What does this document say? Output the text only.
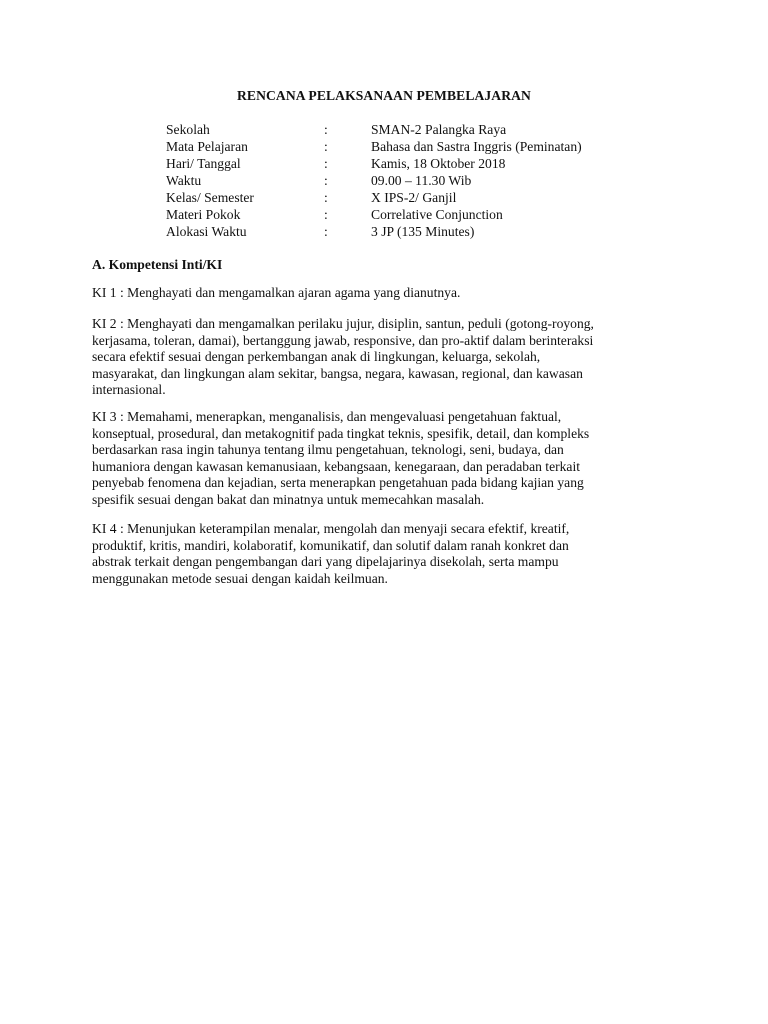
RENCANA PELAKSANAAN PEMBELAJARAN
Sekolah	:	SMAN-2 Palangka Raya
Mata Pelajaran	:	Bahasa dan Sastra Inggris (Peminatan)
Hari/ Tanggal	:	Kamis, 18 Oktober 2018
Waktu	:	09.00 – 11.30 Wib
Kelas/ Semester	:	X IPS-2/ Ganjil
Materi Pokok	:	Correlative Conjunction
Alokasi Waktu	:	3 JP (135 Minutes)
A. Kompetensi Inti/KI

KI 1 : Menghayati dan mengamalkan ajaran agama yang dianutnya.

KI 2 : Menghayati dan mengamalkan perilaku jujur, disiplin, santun, peduli (gotong-royong,
kerjasama, toleran, damai), bertanggung jawab, responsive, dan pro-aktif dalam berinteraksi
secara efektif sesuai dengan perkembangan anak di lingkungan, keluarga, sekolah,
masyarakat, dan lingkungan alam sekitar, bangsa, negara, kawasan, regional, dan kawasan
internasional.

KI 3 : Memahami, menerapkan, menganalisis, dan mengevaluasi pengetahuan faktual,
konseptual, prosedural, dan metakognitif pada tingkat teknis, spesifik, detail, dan kompleks
berdasarkan rasa ingin tahunya tentang ilmu pengetahuan, teknologi, seni, budaya, dan
humaniora dengan kawasan kemanusiaan, kebangsaan, kenegaraan, dan peradaban terkait
penyebab fenomena dan kejadian, serta menerapkan pengetahuan pada bidang kajian yang
spesifik sesuai dengan bakat dan minatnya untuk memecahkan masalah.

KI 4 : Menunjukan keterampilan menalar, mengolah dan menyaji secara efektif, kreatif,
produktif, kritis, mandiri, kolaboratif, komunikatif, dan solutif dalam ranah konkret dan
abstrak terkait dengan pengembangan dari yang dipelajarinya disekolah, serta mampu
menggunakan metode sesuai dengan kaidah keilmuan.
